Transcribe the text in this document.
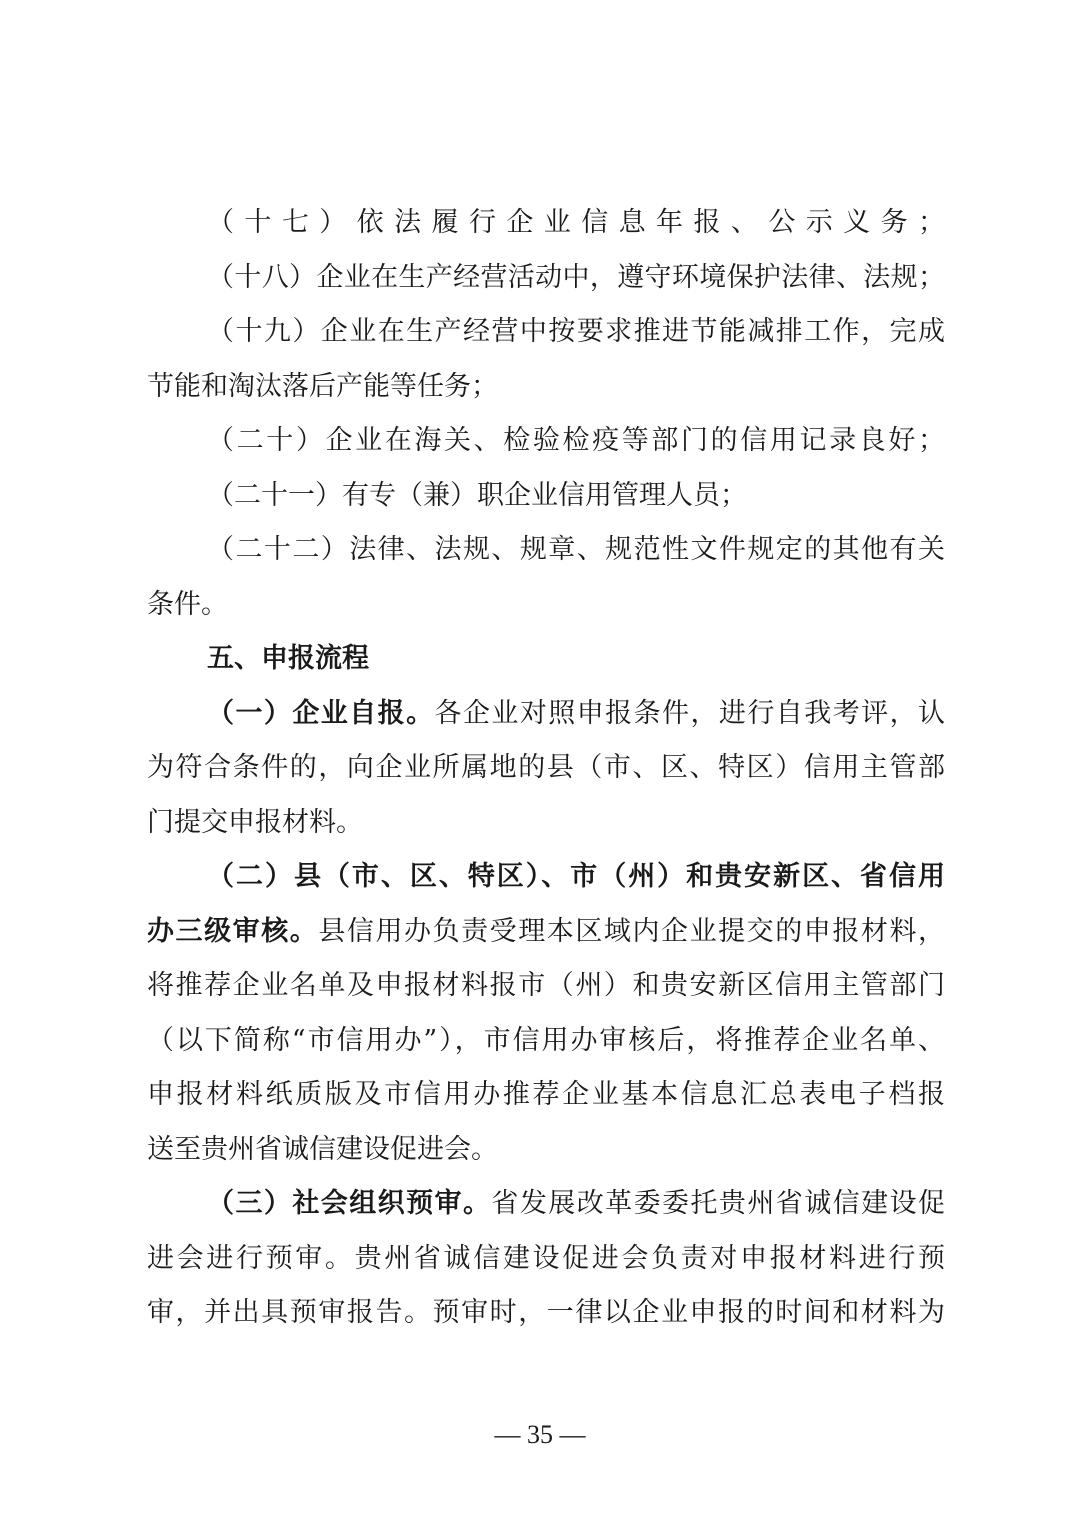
（十七）依法履行企业信息年报、公示义务；
（十八）企业在生产经营活动中，遵守环境保护法律、法规；
（十九）企业在生产经营中按要求推进节能减排工作，完成
节能和淘汰落后产能等任务；
（二十）企业在海关、检验检疫等部门的信用记录良好；
（二十一）有专（兼）职企业信用管理人员；
（二十二）法律、法规、规章、规范性文件规定的其他有关
条件。
五、申报流程
（一）企业自报。各企业对照申报条件，进行自我考评，认
为符合条件的，向企业所属地的县（市、区、特区）信用主管部
门提交申报材料。
（二）县（市、区、特区）、市（州）和贵安新区、省信用
办三级审核。县信用办负责受理本区域内企业提交的申报材料，
将推荐企业名单及申报材料报市（州）和贵安新区信用主管部门
（以下简称“市信用办”），市信用办审核后，将推荐企业名单、
申报材料纸质版及市信用办推荐企业基本信息汇总表电子档报
送至贵州省诚信建设促进会。
（三）社会组织预审。省发展改革委委托贵州省诚信建设促
进会进行预审。贵州省诚信建设促进会负责对申报材料进行预
审，并出具预审报告。预审时，一律以企业申报的时间和材料为
— 35 —
